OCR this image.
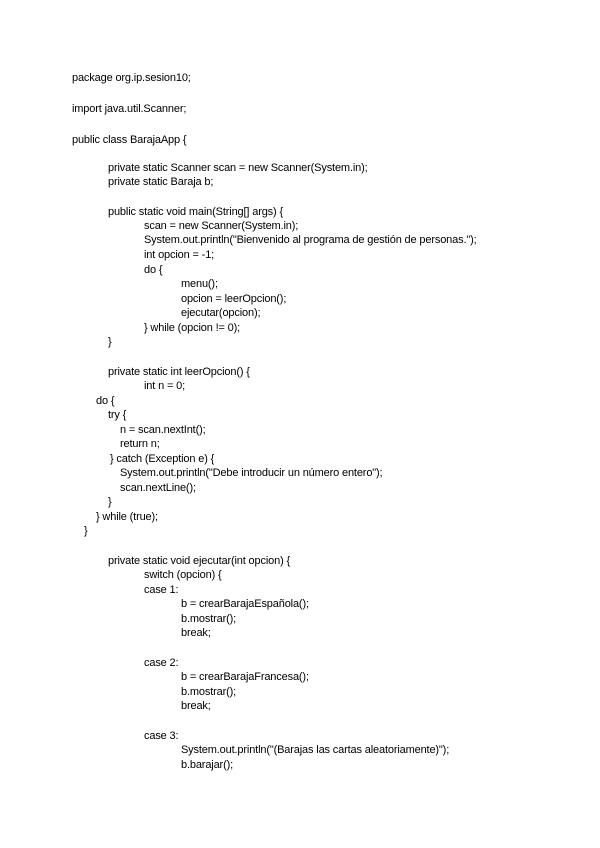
package org.ip.sesion10;
import java.util.Scanner;
public class BarajaApp {
private static Scanner scan = new Scanner(System.in);
private static Baraja b;
public static void main(String[] args) {
scan = new Scanner(System.in);
System.out.println("Bienvenido al programa de gestión de personas.");
int opcion = -1;
do {
menu();
opcion = leerOpcion();
ejecutar(opcion);
} while (opcion != 0);
}
private static int leerOpcion() {
int n = 0;
do {
try {
n = scan.nextInt();
return n;
} catch (Exception e) {
System.out.println("Debe introducir un número entero");
scan.nextLine();
}
} while (true);
}
private static void ejecutar(int opcion) {
switch (opcion) {
case 1:
b = crearBarajaEspañola();
b.mostrar();
break;
case 2:
b = crearBarajaFrancesa();
b.mostrar();
break;
case 3:
System.out.println("(Barajas las cartas aleatoriamente)");
b.barajar();
